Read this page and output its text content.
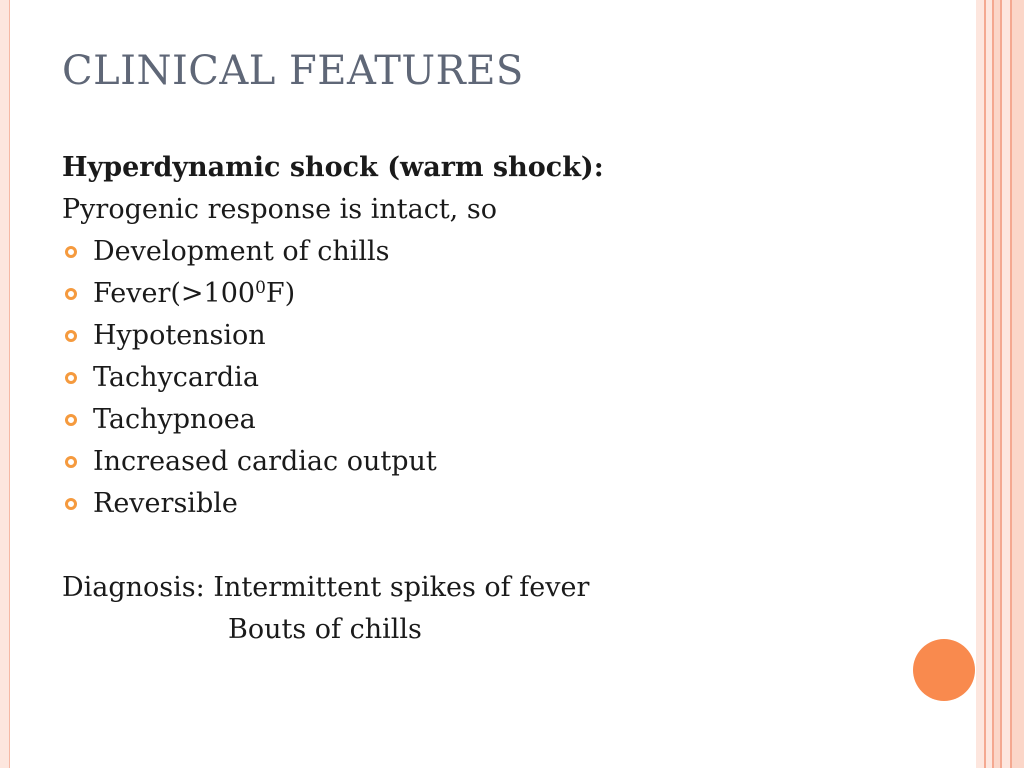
CLINICAL FEATURES
Hyperdynamic shock (warm shock):
Pyrogenic response is intact, so
Development of chills
$Fever(>100^0F)$
Hypotension
Tachycardia
Tachypnoea
Increased cardiac output
Reversible
Diagnosis: Intermittent spikes of fever
Bouts of chills
